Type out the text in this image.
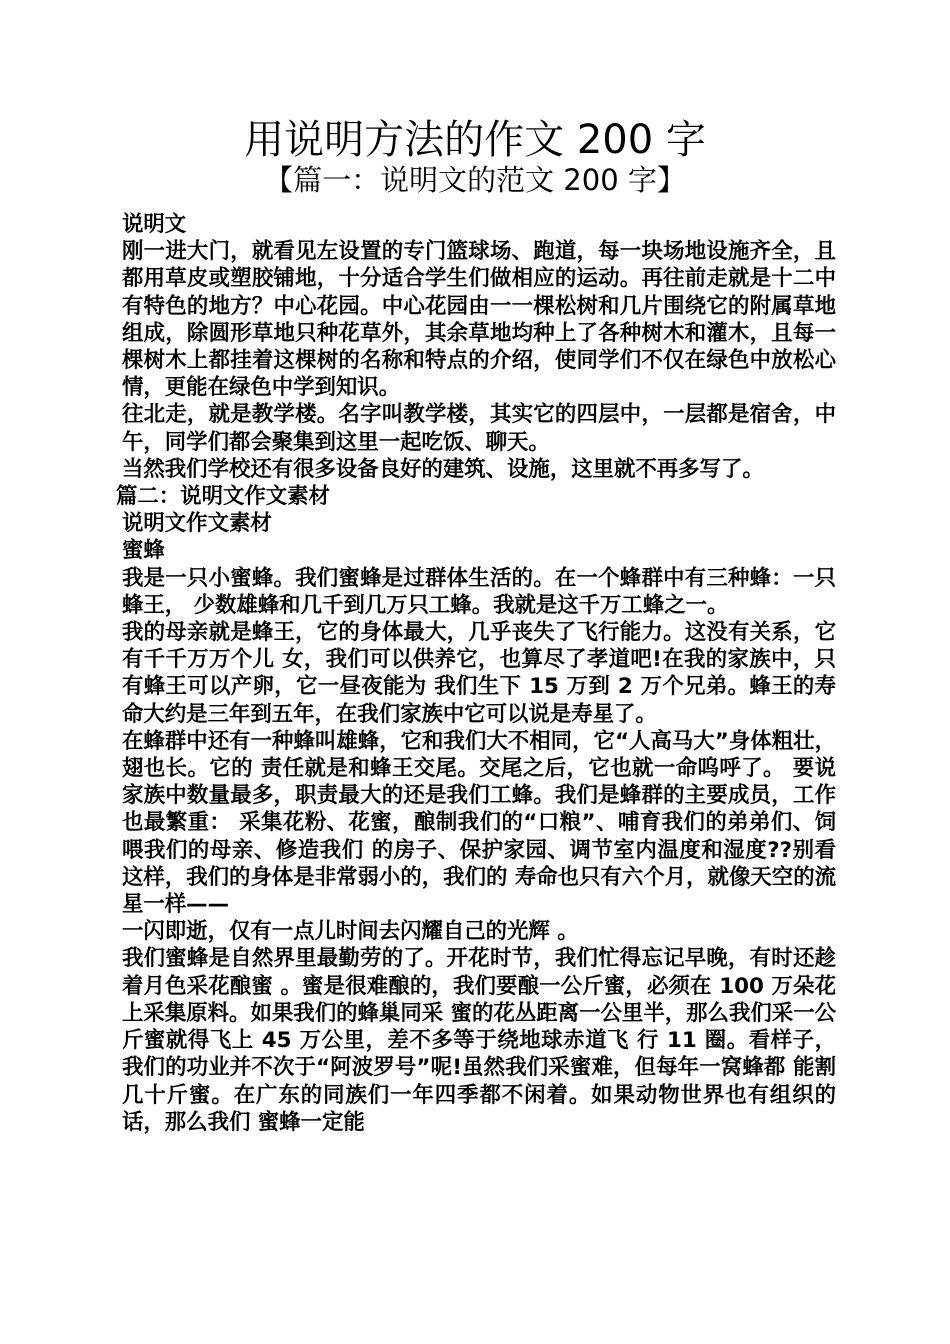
用说明方法的作文 200 字
【篇一：说明文的范文 200 字】

说明文

刚一进大门，就看见左设置的专门篮球场、跑道，每一块场地设施齐全，且都用草皮或塑胶铺地，十分适合学生们做相应的运动。再往前走就是十二中有特色的地方？中心花园。中心花园由一一棵松树和几片围绕它的附属草地组成，除圆形草地只种花草外，其余草地均种上了各种树木和灌木，且每一棵树木上都挂着这棵树的名称和特点的介绍，使同学们不仅在绿色中放松心情，更能在绿色中学到知识。

往北走，就是教学楼。名字叫教学楼，其实它的四层中，一层都是宿舍，中午，同学们都会聚集到这里一起吃饭、聊天。

当然我们学校还有很多设备良好的建筑、设施，这里就不再多写了。

篇二：说明文作文素材

说明文作文素材

蜜蜂

我是一只小蜜蜂。我们蜜蜂是过群体生活的。在一个蜂群中有三种蜂：一只蜂王， 少数雄蜂和几千到几万只工蜂。我就是这千万工蜂之一。

我的母亲就是蜂王，它的身体最大，几乎丧失了飞行能力。这没有关系，它有千千万万个儿 女，我们可以供养它，也算尽了孝道吧!在我的家族中，只有蜂王可以产卵，它一昼夜能为 我们生下 15 万到 2 万个兄弟。蜂王的寿命大约是三年到五年，在我们家族中它可以说是寿星了。

在蜂群中还有一种蜂叫雄蜂，它和我们大不相同，它“人高马大”身体粗壮，翅也长。它的 责任就是和蜂王交尾。交尾之后，它也就一命呜呼了。 要说家族中数量最多，职责最大的还是我们工蜂。我们是蜂群的主要成员，工作也最繁重： 采集花粉、花蜜，酿制我们的“口粮”、哺育我们的弟弟们、饲喂我们的母亲、修造我们 的房子、保护家园、调节室内温度和湿度??别看这样，我们的身体是非常弱小的，我们的 寿命也只有六个月，就像天空的流星一样——

一闪即逝，仅有一点儿时间去闪耀自己的光辉 。

我们蜜蜂是自然界里最勤劳的了。开花时节，我们忙得忘记早晚，有时还趁着月色采花酿蜜 。蜜是很难酿的，我们要酿一公斤蜜，必须在 100 万朵花上采集原料。如果我们的蜂巢同采 蜜的花丛距离一公里半，那么我们采一公斤蜜就得飞上 45 万公里，差不多等于绕地球赤道飞 行 11 圈。看样子，我们的功业并不次于“阿波罗号”呢!虽然我们采蜜难，但每年一窝蜂都 能割几十斤蜜。在广东的同族们一年四季都不闲着。如果动物世界也有组织的话，那么我们 蜜蜂一定能
